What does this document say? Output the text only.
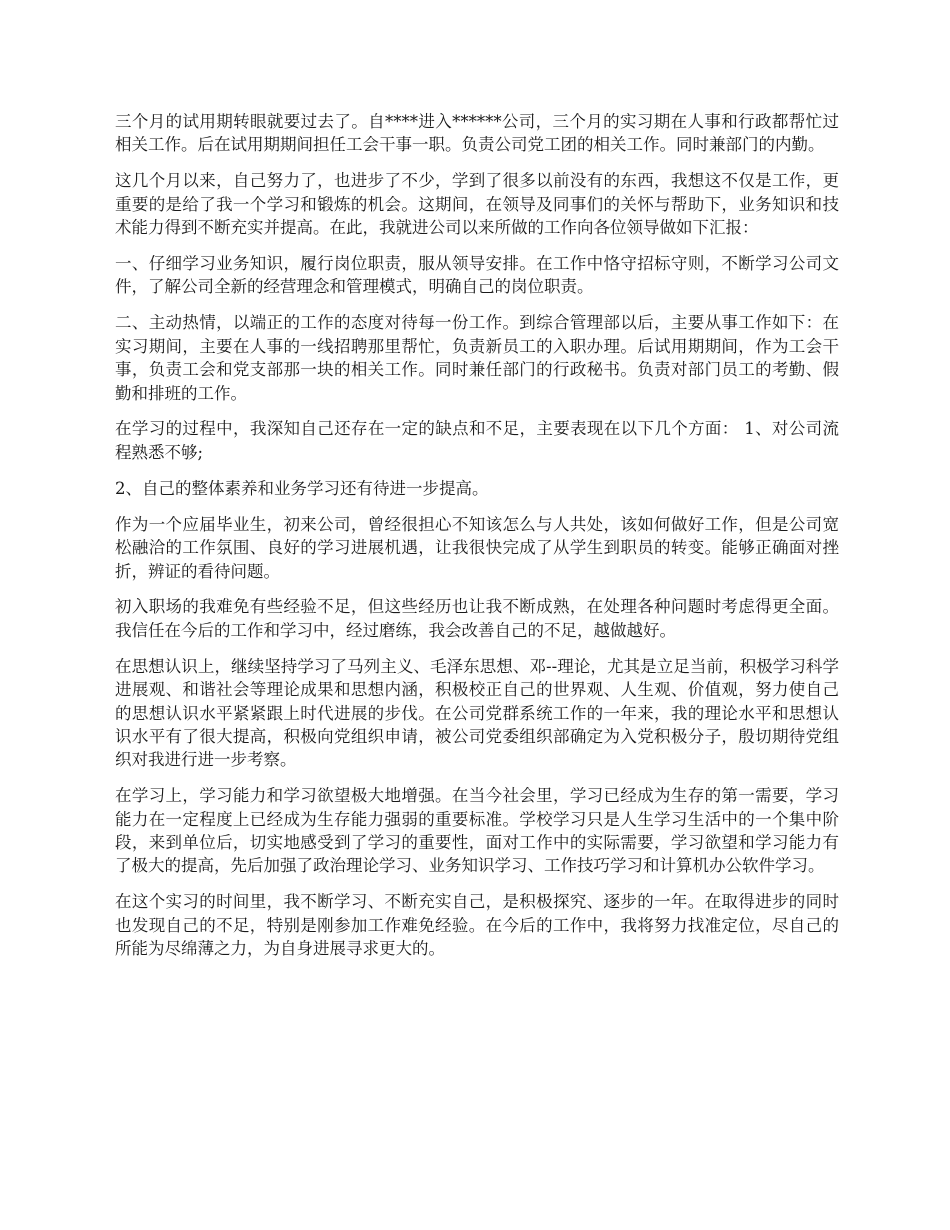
三个月的试用期转眼就要过去了。自****进入******公司，三个月的实习期在人事和行政都帮忙过相关工作。后在试用期期间担任工会干事一职。负责公司党工团的相关工作。同时兼部门的内勤。

这几个月以来，自己努力了，也进步了不少，学到了很多以前没有的东西，我想这不仅是工作，更重要的是给了我一个学习和锻炼的机会。这期间，在领导及同事们的关怀与帮助下，业务知识和技术能力得到不断充实并提高。在此，我就进公司以来所做的工作向各位领导做如下汇报：

一、仔细学习业务知识，履行岗位职责，服从领导安排。在工作中恪守招标守则，不断学习公司文件，了解公司全新的经营理念和管理模式，明确自己的岗位职责。

二、主动热情，以端正的工作的态度对待每一份工作。到综合管理部以后，主要从事工作如下：在实习期间，主要在人事的一线招聘那里帮忙，负责新员工的入职办理。后试用期期间，作为工会干事，负责工会和党支部那一块的相关工作。同时兼任部门的行政秘书。负责对部门员工的考勤、假勤和排班的工作。

在学习的过程中，我深知自己还存在一定的缺点和不足，主要表现在以下几个方面： 1、对公司流程熟悉不够;

2、自己的整体素养和业务学习还有待进一步提高。

作为一个应届毕业生，初来公司，曾经很担心不知该怎么与人共处，该如何做好工作，但是公司宽松融洽的工作氛围、良好的学习进展机遇，让我很快完成了从学生到职员的转变。能够正确面对挫折，辨证的看待问题。

初入职场的我难免有些经验不足，但这些经历也让我不断成熟，在处理各种问题时考虑得更全面。我信任在今后的工作和学习中，经过磨练，我会改善自己的不足，越做越好。

在思想认识上，继续坚持学习了马列主义、毛泽东思想、邓--理论，尤其是立足当前，积极学习科学进展观、和谐社会等理论成果和思想内涵，积极校正自己的世界观、人生观、价值观，努力使自己的思想认识水平紧紧跟上时代进展的步伐。在公司党群系统工作的一年来，我的理论水平和思想认识水平有了很大提高，积极向党组织申请，被公司党委组织部确定为入党积极分子，殷切期待党组织对我进行进一步考察。

在学习上，学习能力和学习欲望极大地增强。在当今社会里，学习已经成为生存的第一需要，学习能力在一定程度上已经成为生存能力强弱的重要标准。学校学习只是人生学习生活中的一个集中阶段，来到单位后，切实地感受到了学习的重要性，面对工作中的实际需要，学习欲望和学习能力有了极大的提高，先后加强了政治理论学习、业务知识学习、工作技巧学习和计算机办公软件学习。

在这个实习的时间里，我不断学习、不断充实自己，是积极探究、逐步的一年。在取得进步的同时也发现自己的不足，特别是刚参加工作难免经验。在今后的工作中，我将努力找准定位，尽自己的所能为尽绵薄之力，为自身进展寻求更大的。
